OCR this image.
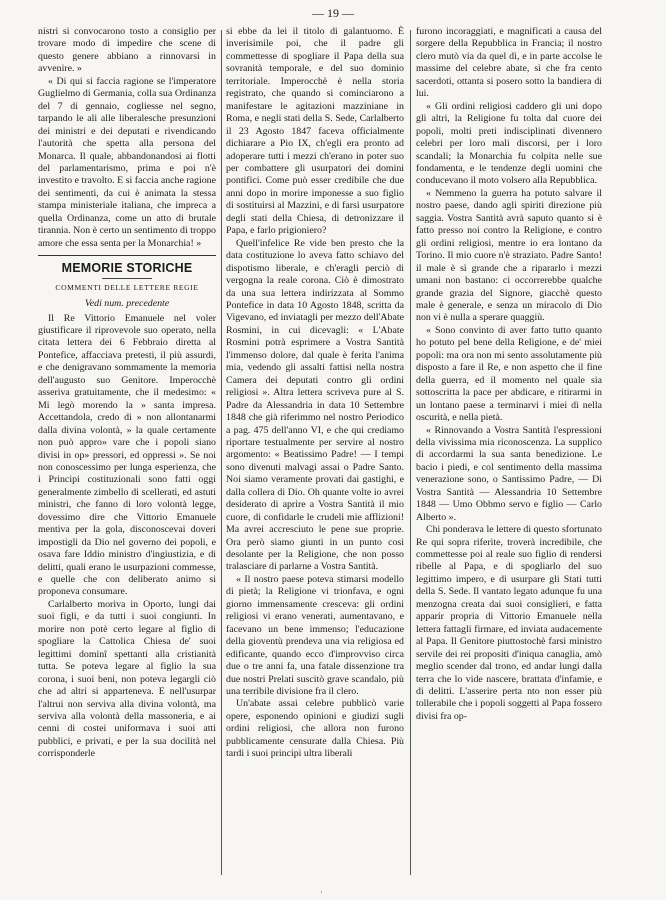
— 19 —

nistri si convocarono tosto a consiglio per trovare modo di impedire che scene di questo genere abbiano a rinnovarsi in avvenire. »

« Di qui si faccia ragione se l'imperatore Guglielmo di Germania, colla sua Ordinanza del 7 di gennaio, cogliesse nel segno, tarpando le ali alle liberalesche presunzioni dei ministri e dei deputati e rivendicando l'autorità che spetta alla persona del Monarca. Il quale, abbandonandosi ai flotti del parlamentarismo, prima e poi n'è investito e travolto. E si faccia anche ragione dei sentimenti, da cui è animata la stessa stampa ministeriale italiana, che impreca a quella Ordinanza, come un atto di brutale tirannia. Non è certo un sentimento di troppo amore che essa senta per la Monarchia! »

MEMORIE STORICHE
COMMENTI DELLE LETTERE REGIE
Vedi num. precedente

Il Re Vittorio Emanuele nel voler giustificare il riprovevole suo operato, nella citata lettera dei 6 Febbraio diretta al Pontefice, affacciava pretesti, il più assurdi, e che denigravano sommamente la memoria dell'augusto suo Genitore. Imperocchè asseriva gratuitamente, che il medesimo: « Mi legò morendo la » santa impresa. Accettandola, credo di » non allontanarmi dalla divina volontà, » la quale certamente non può appro» vare che i popoli siano divisi in op» pressori, ed oppressi ». Se noi non conoscessimo per lunga esperienza, che i Principi costituzionali sono fatti oggi generalmente zimbello di scellerati, ed astuti ministri, che fanno di loro volontà legge, dovessimo dire che Vittorio Emanuele mentiva per la gola, disconoscevai doveri impostigli da Dio nel governo dei popoli, e osava fare Iddio ministro d'ingiustizia, e di delitti, quali erano le usurpazioni commesse, e quelle che con deliberato animo si proponeva consumare.

Carlalberto moriva in Oporto, lungi dai suoi figli, e da tutti i suoi congiunti. In morire non potè certo legare al figlio di spogliare la Cattolica Chiesa de' suoi legittimi dominî spettanti alla cristianità tutta. Se poteva legare al figlio la sua corona, i suoi beni, non poteva legargli ciò che ad altri si apparteneva. E nell'usurpar l'altrui non serviva alla divina volontà, ma serviva alla volontà della massoneria, e ai cenni di costei uniformava i suoi atti pubblici, e privati, e per la sua docilità nel corrisponderle

si ebbe da lei il titolo di galantuomo. È inverisimile poi, che il padre gli commettesse di spogliare il Papa della sua sovranità temporale, e del suo dominio territoriale. Imperocchè è nella storia registrato, che quando si cominciarono a manifestare le agitazioni mazziniane in Roma, e negli stati della S. Sede, Carlalberto il 23 Agosto 1847 faceva officialmente dichiarare a Pio IX, ch'egli era pronto ad adoperare tutti i mezzi ch'erano in poter suo per combattere gli usurpatori dei domini pontifici. Come può esser credibile che due anni dopo in morire imponesse a suo figlio di sostituirsi al Mazzini, e di farsi usurpatore degli stati della Chiesa, di detronizzare il Papa, e farlo prigioniero?

Quell'infelice Re vide ben presto che la data costituzione lo aveva fatto schiavo del dispotismo liberale, e ch'eragli perciò di vergogna la reale corona. Ciò è dimostrato da una sua lettera indirizzata al Sommo Pontefice in data 10 Agosto 1848, scritta da Vigevano, ed inviatagli per mezzo dell'Abate Rosmini, in cui dicevagli: « L'Abate Rosmini potrà esprimere a Vostra Santità l'immenso dolore, dal quale è ferita l'anima mia, vedendo gli assalti fattisi nella nostra Camera dei deputati contro gli ordini religiosi ». Altra lettera scriveva pure al S. Padre da Alessandria in data 10 Settembre 1848 che già riferimmo nel nostro Periodico a pag. 475 dell'anno VI, e che qui crediamo riportare testualmente per servire al nostro argomento: « Beatissimo Padre! — I tempi sono divenuti malvagi assai o Padre Santo. Noi siamo veramente provati dai gastighi, e dalla collera di Dio. Oh quante volte io avrei desiderato di aprire a Vostra Santità il mio cuore, di confidarle le crudeli mie afflizioni! Ma avrei accresciuto le pene sue proprie. Ora però siamo giunti in un punto così desolante per la Religione, che non posso tralasciare di parlarne a Vostra Santità.

« Il nostro paese poteva stimarsi modello di pietà; la Religione vi trionfava, e ogni giorno immensamente cresceva: gli ordini religiosi vi erano venerati, aumentavano, e facevano un bene immenso; l'educazione della gioventù prendeva una via religiosa ed edificante, quando ecco d'improvviso circa due o tre anni fa, una fatale dissenzione tra due nostri Prelati suscitò grave scandalo, più una terribile divisione fra il clero.

Un'abate assai celebre pubblicò varie opere, esponendo opinioni e giudizi sugli ordini religiosi, che allora non furono pubblicamente censurate dalla Chiesa. Più tardi i suoi principi ultra liberali

furono incoraggiati, e magnificati a causa del sorgere della Repubblica in Francia; il nostro clero mutò via da quel dì, e in parte accolse le massime del celebre abate, sì che fra cento sacerdoti, ottanta si posero sotto la bandiera di lui.

« Gli ordini religiosi caddero gli uni dopo gli altri, la Religione fu tolta dal cuore dei popoli, molti preti indisciplinati divennero celebri per loro mali discorsi, per i loro scandali; la Monarchia fu colpita nelle sue fondamenta, e le tendenze degli uomini che conducevano il moto volsero alla Repubblica.

« Nemmeno la guerra ha potuto salvare il nostro paese, dando agli spiriti direzione più saggia. Vostra Santità avrà saputo quanto si è fatto presso noi contro la Religione, e contro gli ordini religiosi, mentre io era lontano da Torino. Il mio cuore n'è straziato. Padre Santo! il male è sì grande che a ripararlo i mezzi umani non bastano: ci occorrerebbe qualche grande grazia del Signore, giacchè questo male è generale, e senza un miracolo di Dio non vi è nulla a sperare quaggiù.

« Sono convinto di aver fatto tutto quanto ho potuto pel bene della Religione, e de' miei popoli: ma ora non mi sento assolutamente più disposto a fare il Re, e non aspetto che il fine della guerra, ed il momento nel quale sia sottoscritta la pace per abdicare, e ritirarmi in un lontano paese a terminarvi i miei dì nella oscurità, e nella pietà.

« Rinnovando a Vostra Santità l'espressioni della vivissima mia riconoscenza. La supplico di accordarmi la sua santa benedizione. Le bacio i piedi, e col sentimento della massima venerazione sono, o Santissimo Padre, — Di Vostra Santità — Alessandria 10 Settembre 1848 — Umo Obbmo servo e figlio — Carlo Alberto ».

Chi ponderava le lettere di questo sfortunato Re qui sopra riferite, troverà incredibile, che commettesse poi al reale suo figlio di rendersi ribelle al Papa, e di spogliarlo del suo legittimo impero, e di usurpare gli Stati tutti della S. Sede. Il vantato legato adunque fu una menzogna creata dai suoi consiglieri, e fatta apparir propria di Vittorio Emanuele nella lettera fattagli firmare, ed inviata audacemente al Papa. Il Genitore piuttostochè farsi ministro servile dei rei propositi d'iniqua canaglia, amò meglio scender dal trono, ed andar lungi dalla terra che lo vide nascere, brattata d'infamie, e di delitti. L'asserire perta nto non esser più tollerabile che i popoli soggetti al Papa fossero divisi fra op-

·
